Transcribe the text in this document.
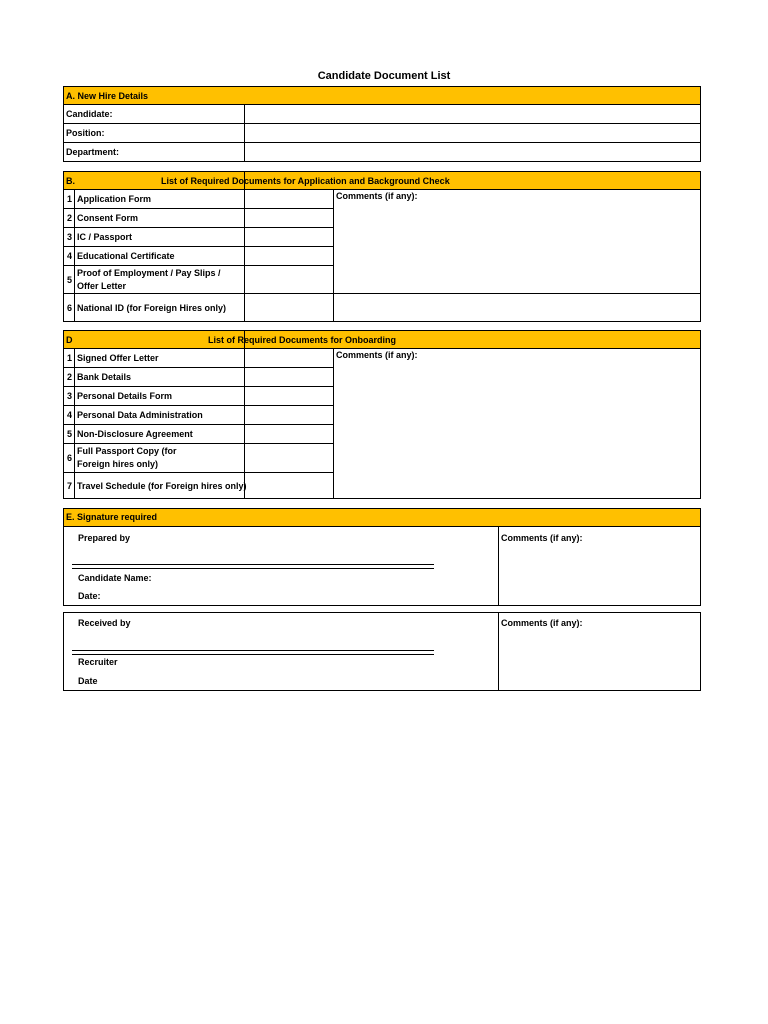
Candidate Document List
A. New Hire Details	
Candidate:	
Position:	
Department:	
B.		List of Required Documents for Application and Background Check	
1	Application Form		Comments (if any):
2	Consent Form		
3	IC / Passport		
4	Educational Certificate		
5	Proof of Employment / Pay Slips / Offer Letter		
6	National ID (for Foreign Hires only)		
D		List of Required Documents for Onboarding	
1	Signed Offer Letter		Comments (if any):
2	Bank Details		
3	Personal Details Form		
4	Personal Data Administration		
5	Non-Disclosure Agreement		
6	Full Passport Copy (for Foreign hires only)		
7	Travel Schedule (for Foreign hires only)		
E. Signature required
Prepared by
Candidate Name:
Date:
Comments (if any):
Received by
Recruiter
Date
Comments (if any):
